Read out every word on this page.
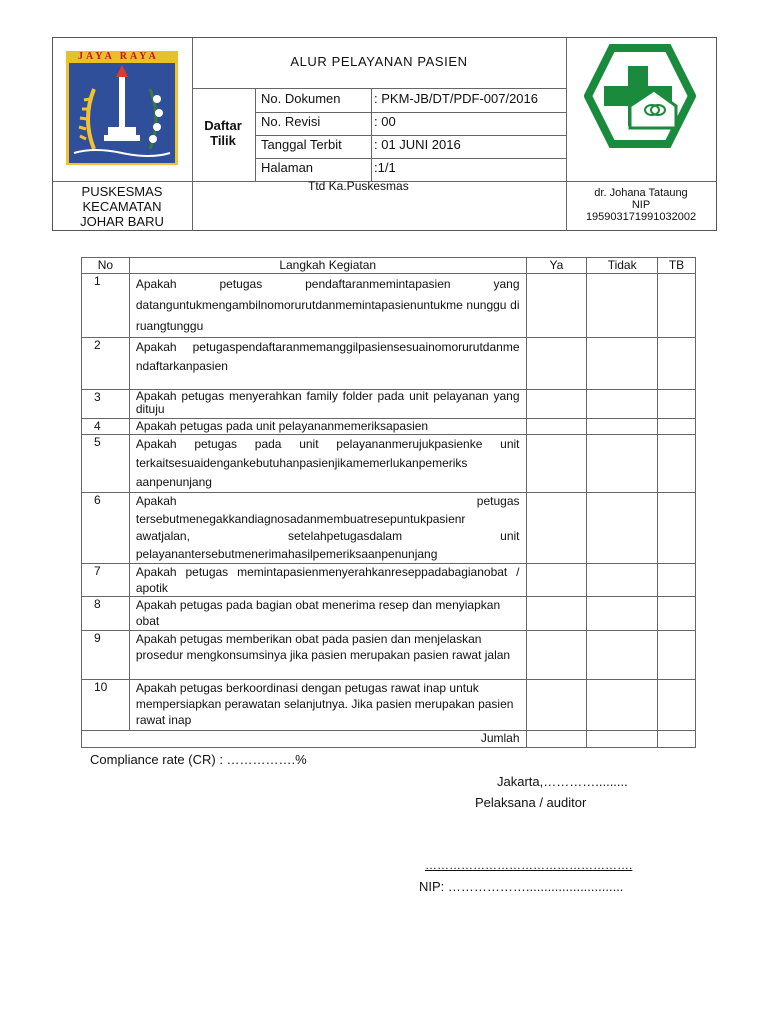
JAYA RAYA	ALUR PELAYANAN PASIEN
Daftar
Tilik
No. Dokumen	: PKM-JB/DT/PDF-007/2016
No. Revisi	: 00
Tanggal Terbit : 01 JUNI 2016
Halaman	:1/1
PUSKESMAS
KECAMATAN
JOHAR BARU
Ttd Ka.Puskesmas	dr. Johana Tataung
NIP
195903171991032002
No	Langkah Kegiatan	Ya	Tidak	TB
1	Apakah petugas pendaftaranmemintapasien yang datanguntukmengambilnomorurutdanmemintapasienuntukme nunggu di ruangtunggu			
2	Apakah petugaspendaftaranmemanggilpasiensesuainomorurutdanme ndaftarkanpasien			
3	Apakah petugas menyerahkan family folder pada unit pelayanan yang dituju			
4	Apakah petugas pada unit pelayananmemeriksapasien			
5	Apakah petugas pada unit pelayananmerujukpasienke unit terkaitsesuaidengankebutuhanpasienjikamemerlukanpemeriks aanpenunjang			
6	Apakah petugas tersebutmenegakkandiagnosadanmembuatresepuntukpasienr awatjalan, setelahpetugasdalam unit pelayanantersebutmenerimahasilpemeriksaanpenunjang			
7	Apakah petugas memintapasienmenyerahkanreseppadabagianobat / apotik			
8	Apakah petugas pada bagian obat menerima resep dan menyiapkan obat			
9	Apakah petugas memberikan obat pada pasien dan menjelaskan prosedur mengkonsumsinya jika pasien merupakan pasien rawat jalan			
10	Apakah petugas berkoordinasi dengan petugas rawat inap untuk mempersiapkan perawatan selanjutnya. Jika pasien merupakan pasien rawat inap			
Jumlah				
Compliance rate (CR) : …………….%
Jakarta,………….........
Pelaksana / auditor
…………………………………………….
NIP: ………………...........................
